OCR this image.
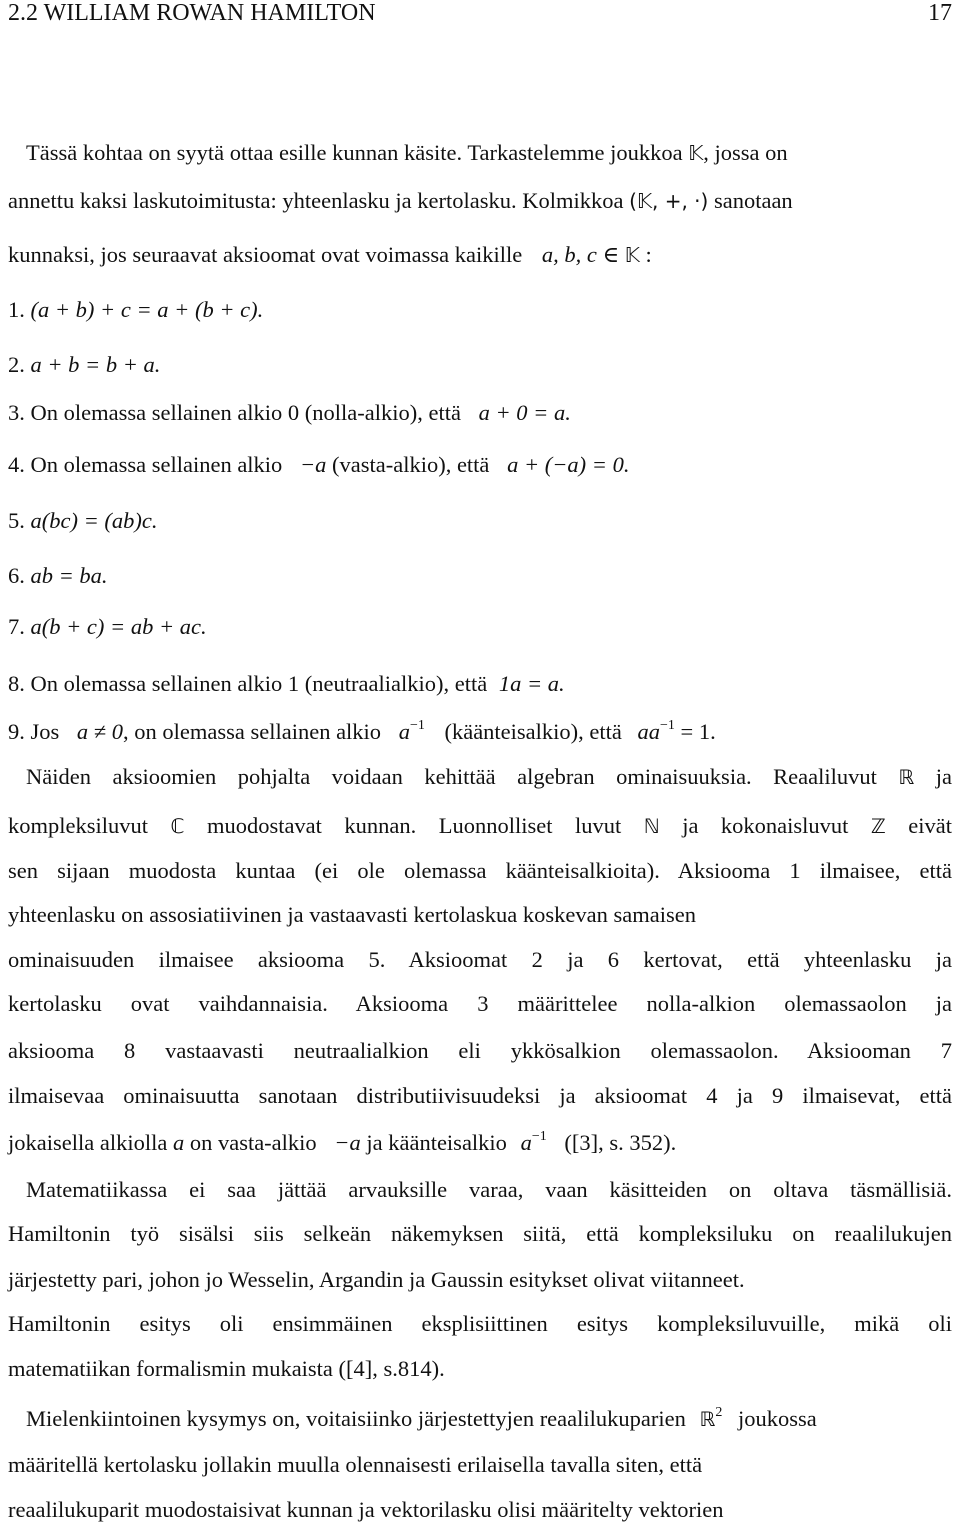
2.2 WILLIAM ROWAN HAMILTON	17
Tässä kohtaa on syytä ottaa esille kunnan käsite. Tarkastelemme joukkoa 𝕂, jossa on
annettu kaksi laskutoimitusta: yhteenlasku ja kertolasku. Kolmikkoa (𝕂, +, ·) sanotaan
kunnaksi, jos seuraavat aksioomat ovat voimassa kaikille a, b, c ∈ 𝕂 :
1. (a + b) + c = a + (b + c).
2. a + b = b + a.
3. On olemassa sellainen alkio 0 (nolla-alkio), että a + 0 = a.
4. On olemassa sellainen alkio −a (vasta-alkio), että a + (−a) = 0.
5. a(bc) = (ab)c.
6. ab = ba.
7. a(b + c) = ab + ac.
8. On olemassa sellainen alkio 1 (neutraalialkio), että 1a = a.
9. Jos a ≠ 0, on olemassa sellainen alkio $a^{-1}$ (käänteisalkio), että $aa^{-1} = 1$.
Näiden aksioomien pohjalta voidaan kehittää algebran ominaisuuksia. Reaaliluvut ℝ ja
kompleksiluvut ℂ muodostavat kunnan. Luonnolliset luvut ℕ ja kokonaisluvut ℤ eivät
sen sijaan muodosta kuntaa (ei ole olemassa käänteisalkioita). Aksiooma 1 ilmaisee, että
yhteenlasku on assosiatiivinen ja vastaavasti kertolaskua koskevan samaisen
ominaisuuden ilmaisee aksiooma 5. Aksioomat 2 ja 6 kertovat, että yhteenlasku ja
kertolasku ovat vaihdannaisia. Aksiooma 3 määrittelee nolla-alkion olemassaolon ja
aksiooma 8 vastaavasti neutraalialkion eli ykkösalkion olemassaolon. Aksiooman 7
ilmaisevaa ominaisuutta sanotaan distributiivisuudeksi ja aksioomat 4 ja 9 ilmaisevat, että
jokaisella alkiolla a on vasta-alkio −a ja käänteisalkio $a^{-1}$ ([3], s. 352).
Matematiikassa ei saa jättää arvauksille varaa, vaan käsitteiden on oltava täsmällisiä.
Hamiltonin työ sisälsi siis selkeän näkemyksen siitä, että kompleksiluku on reaalilukujen
järjestetty pari, johon jo Wesselin, Argandin ja Gaussin esitykset olivat viitanneet.
Hamiltonin esitys oli ensimmäinen eksplisiittinen esitys kompleksiluvuille, mikä oli
matematiikan formalismin mukaista ([4], s.814).
Mielenkiintoinen kysymys on, voitaisiinko järjestettyjen reaalilukuparien ℝ$^2$ joukossa
määritellä kertolasku jollakin muulla olennaisesti erilaisella tavalla siten, että
reaalilukuparit muodostaisivat kunnan ja vektorilasku olisi määritelty vektorien
